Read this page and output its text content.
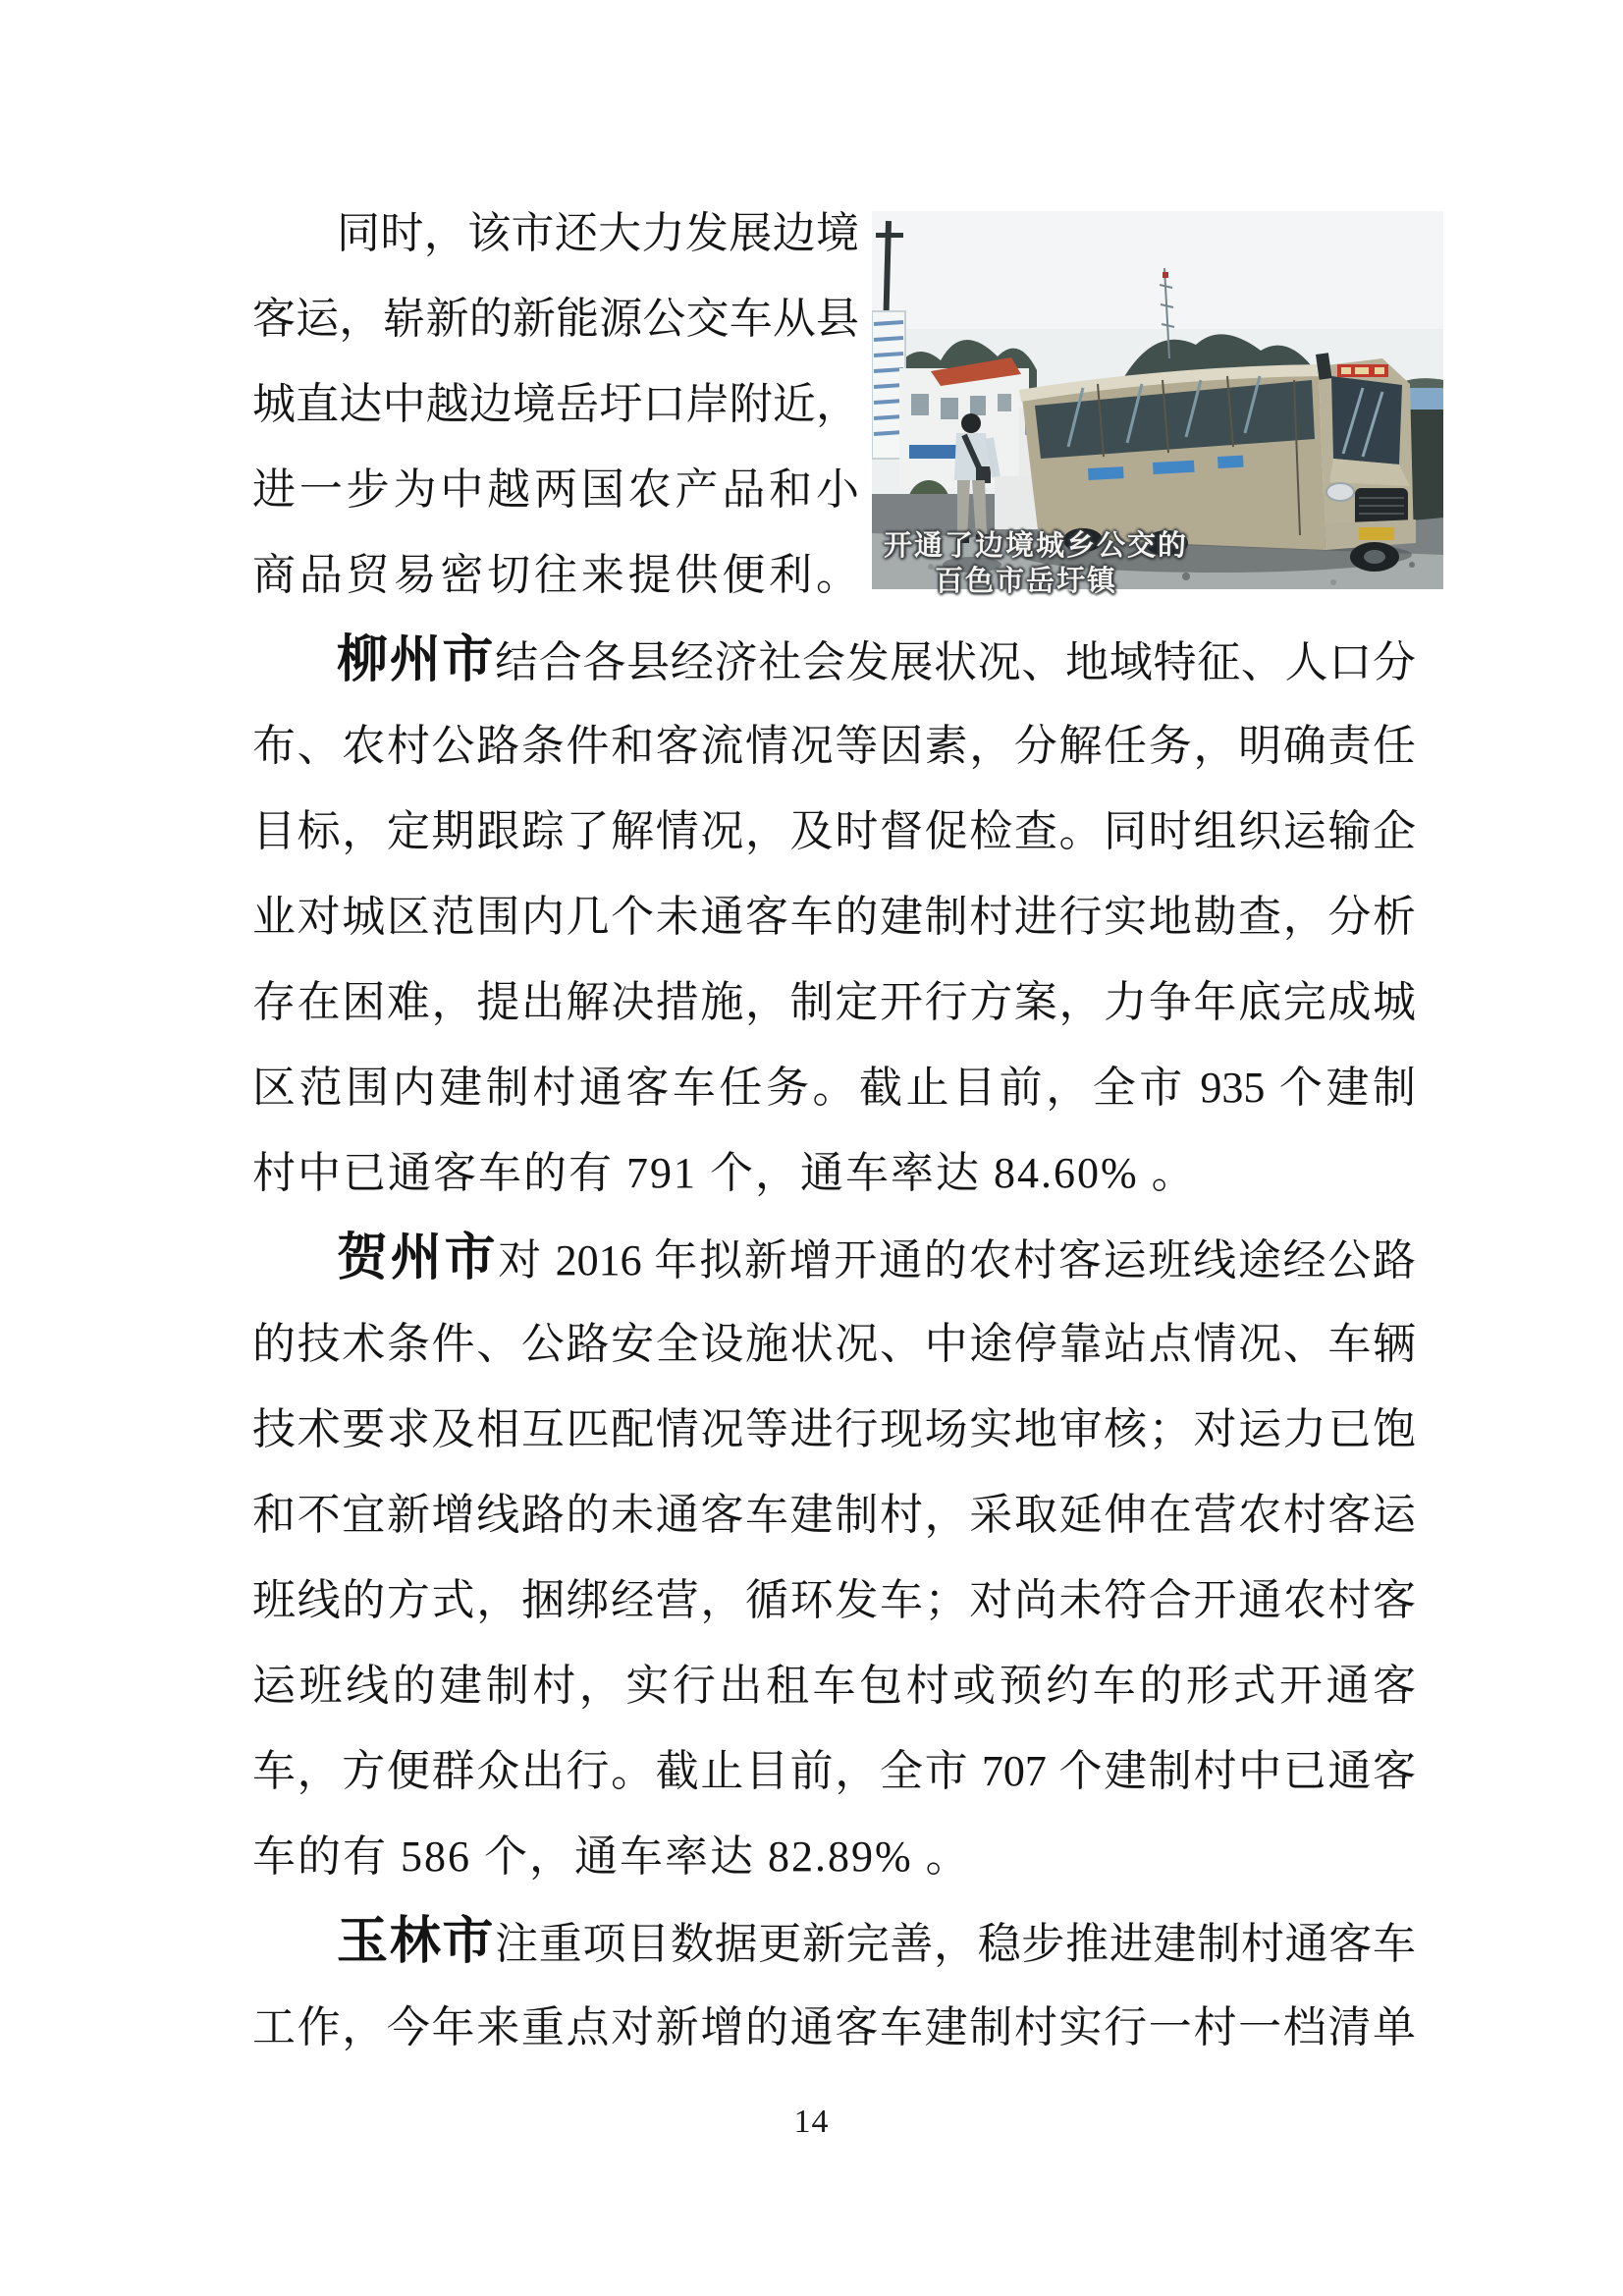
同时，该市还大力发展边境
客运，崭新的新能源公交车从县
城直达中越边境岳圩口岸附近，
进一步为中越两国农产品和小
商品贸易密切往来提供便利。
柳州市结合各县经济社会发展状况、地域特征、人口分
布、农村公路条件和客流情况等因素，分解任务，明确责任
目标，定期跟踪了解情况，及时督促检查。同时组织运输企
业对城区范围内几个未通客车的建制村进行实地勘查，分析
存在困难，提出解决措施，制定开行方案，力争年底完成城
区范围内建制村通客车任务。截止目前，全市 935 个建制
村中已通客车的有 791 个，通车率达 84.60% 。
贺州市对 2016 年拟新增开通的农村客运班线途经公路
的技术条件、公路安全设施状况、中途停靠站点情况、车辆
技术要求及相互匹配情况等进行现场实地审核；对运力已饱
和不宜新增线路的未通客车建制村，采取延伸在营农村客运
班线的方式，捆绑经营，循环发车；对尚未符合开通农村客
运班线的建制村，实行出租车包村或预约车的形式开通客
车，方便群众出行。截止目前，全市 707 个建制村中已通客
车的有 586 个，通车率达 82.89% 。
玉林市注重项目数据更新完善，稳步推进建制村通客车
工作，今年来重点对新增的通客车建制村实行一村一档清单
开通了边境城乡公交的
百色市岳圩镇
14
